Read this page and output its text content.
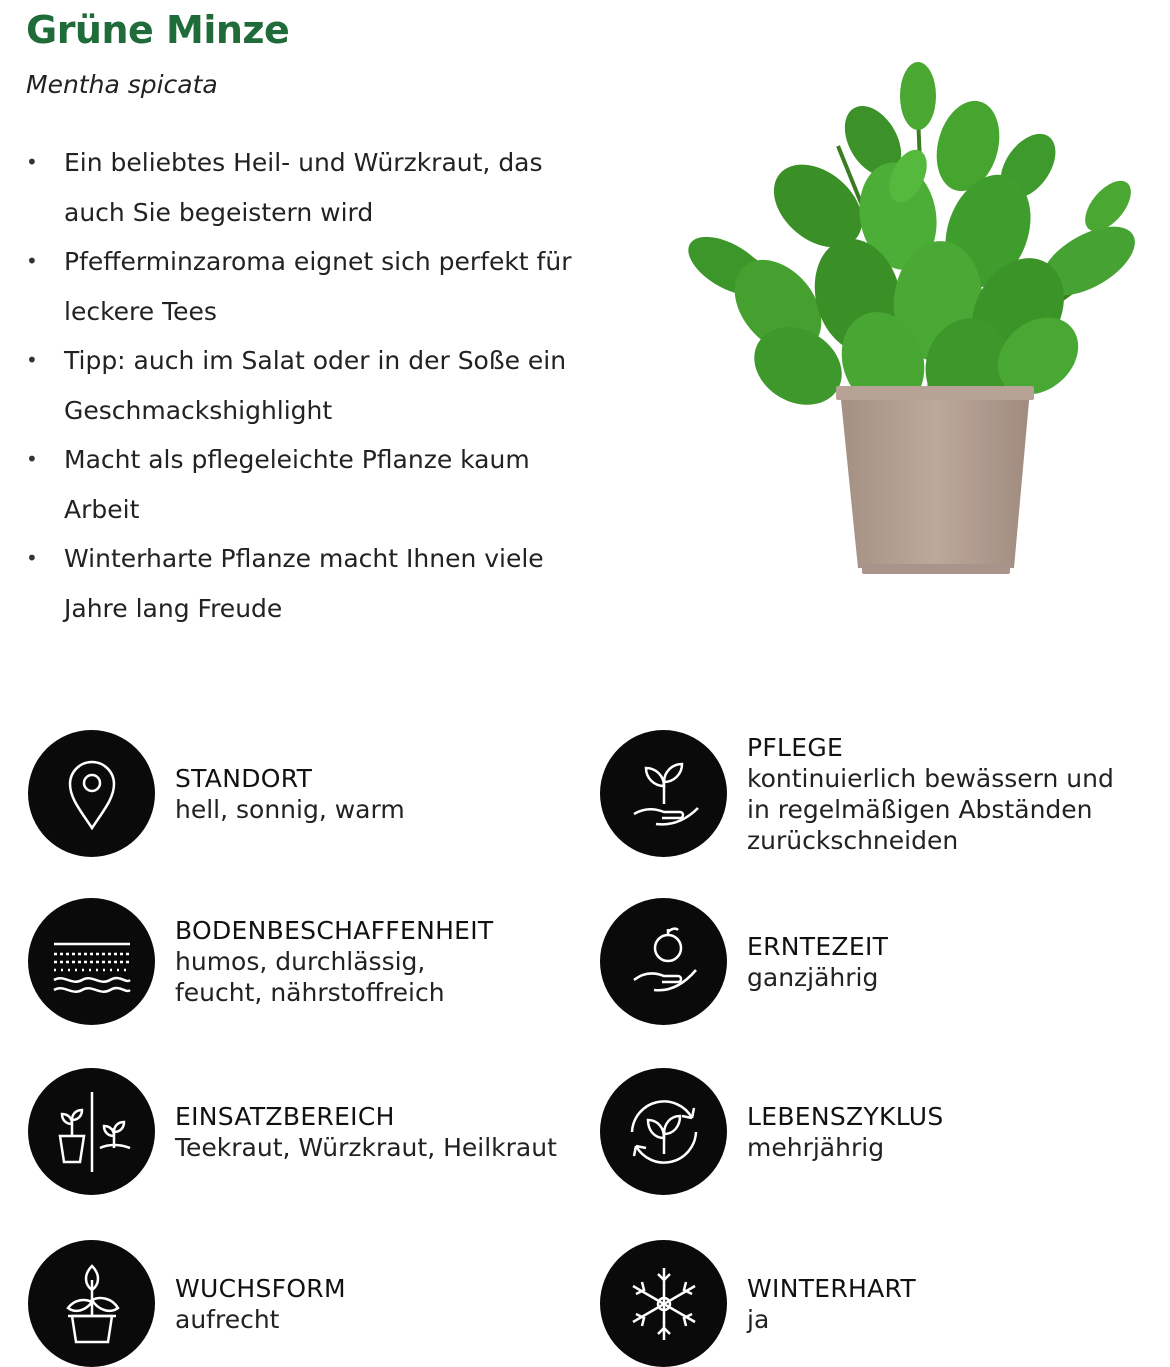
Grüne Minze
Mentha spicata
• Ein beliebtes Heil- und Würzkraut, das auch Sie begeistern wird
• Pfefferminzaroma eignet sich perfekt für leckere Tees
• Tipp: auch im Salat oder in der Soße ein Geschmackshighlight
• Macht als pflegeleichte Pflanze kaum Arbeit
• Winterharte Pflanze macht Ihnen viele Jahre lang Freude
STANDORT
hell, sonnig, warm
PFLEGE
kontinuierlich bewässern und in regelmäßigen Abständen zurückschneiden
BODENBESCHAFFENHEIT
humos, durchlässig, feucht, nährstoffreich
ERNTEZEIT
ganzjährig
EINSATZBEREICH
Teekraut, Würzkraut, Heilkraut
LEBENSZYKLUS
mehrjährig
WUCHSFORM
aufrecht
WINTERHART
ja
